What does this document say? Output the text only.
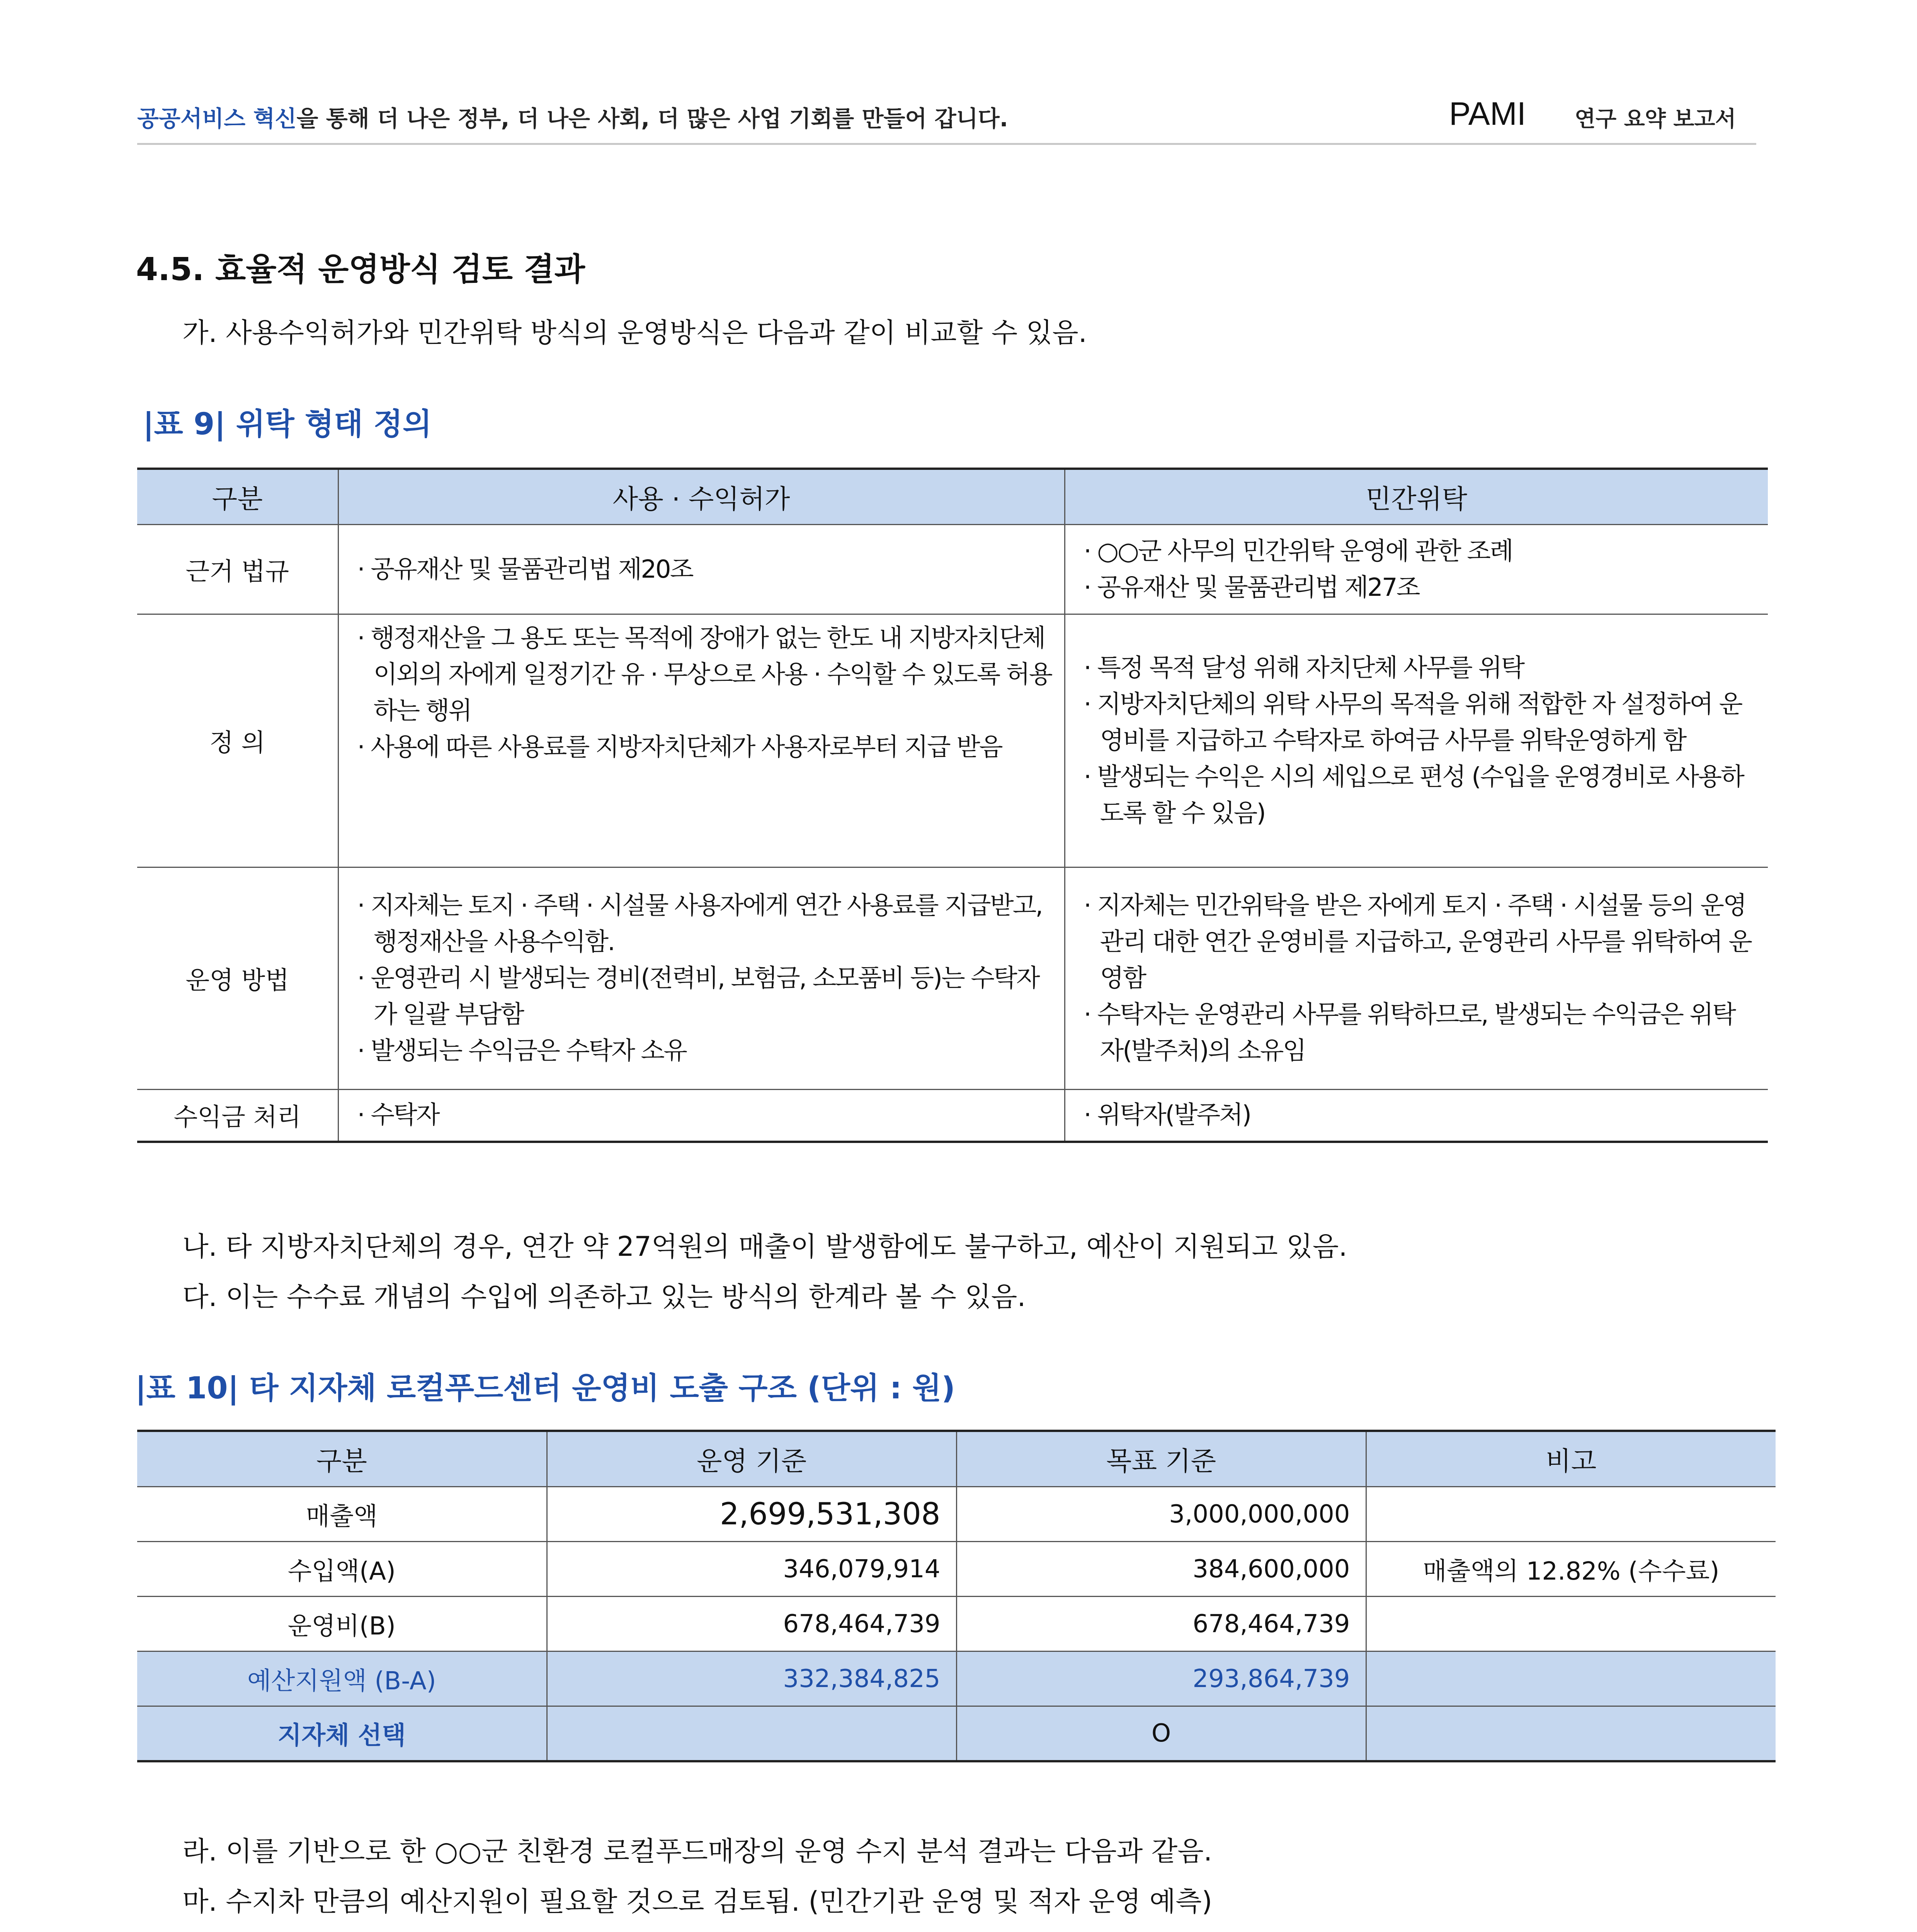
공공서비스 혁신을 통해 더 나은 정부, 더 나은 사회, 더 많은 사업 기회를 만들어 갑니다.	PAMI 연구 요약 보고서
4.5. 효율적 운영방식 검토 결과
가. 사용수익허가와 민간위탁 방식의 운영방식은 다음과 같이 비교할 수 있음.
|표 9| 위탁 형태 정의
구분	사용 · 수익허가	민간위탁
근거 법규	· 공유재산 및 물품관리법 제20조	· ○○군 사무의 민간위탁 운영에 관한 조례
· 공유재산 및 물품관리법 제27조

정 의	· 행정재산을 그 용도 또는 목적에 장애가 없는 한도 내 지방자치단체 이외의 자에게 일정기간 유 · 무상으로 사용 · 수익할 수 있도록 허용하는 행위
· 사용에 따른 사용료를 지방자치단체가 사용자로부터 지급 받음	· 특정 목적 달성 위해 자치단체 사무를 위탁
· 지방자치단체의 위탁 사무의 목적을 위해 적합한 자 설정하여 운영비를 지급하고 수탁자로 하여금 사무를 위탁운영하게 함
· 발생되는 수익은 시의 세입으로 편성 (수입을 운영경비로 사용하도록 할 수 있음)

운영 방법	· 지자체는 토지 · 주택 · 시설물 사용자에게 연간 사용료를 지급받고, 행정재산을 사용수익함.
· 운영관리 시 발생되는 경비(전력비, 보험금, 소모품비 등)는 수탁자가 일괄 부담함
· 발생되는 수익금은 수탁자 소유	· 지자체는 민간위탁을 받은 자에게 토지 · 주택 · 시설물 등의 운영관리 대한 연간 운영비를 지급하고, 운영관리 사무를 위탁하여 운영함
· 수탁자는 운영관리 사무를 위탁하므로, 발생되는 수익금은 위탁자(발주처)의 소유임

수익금 처리	· 수탁자	· 위탁자(발주처)
나. 타 지방자치단체의 경우, 연간 약 27억원의 매출이 발생함에도 불구하고, 예산이 지원되고 있음.
다. 이는 수수료 개념의 수입에 의존하고 있는 방식의 한계라 볼 수 있음.
|표 10| 타 지자체 로컬푸드센터 운영비 도출 구조 (단위 : 원)
구분	운영 기준	목표 기준	비고
매출액	2,699,531,308	3,000,000,000	
수입액(A)	346,079,914	384,600,000	매출액의 12.82% (수수료)
운영비(B)	678,464,739	678,464,739	
예산지원액 (B-A)	332,384,825	293,864,739	
지자체 선택		O	
라. 이를 기반으로 한 ○○군 친환경 로컬푸드매장의 운영 수지 분석 결과는 다음과 같음.
마. 수지차 만큼의 예산지원이 필요할 것으로 검토됨. (민간기관 운영 및 적자 운영 예측)
